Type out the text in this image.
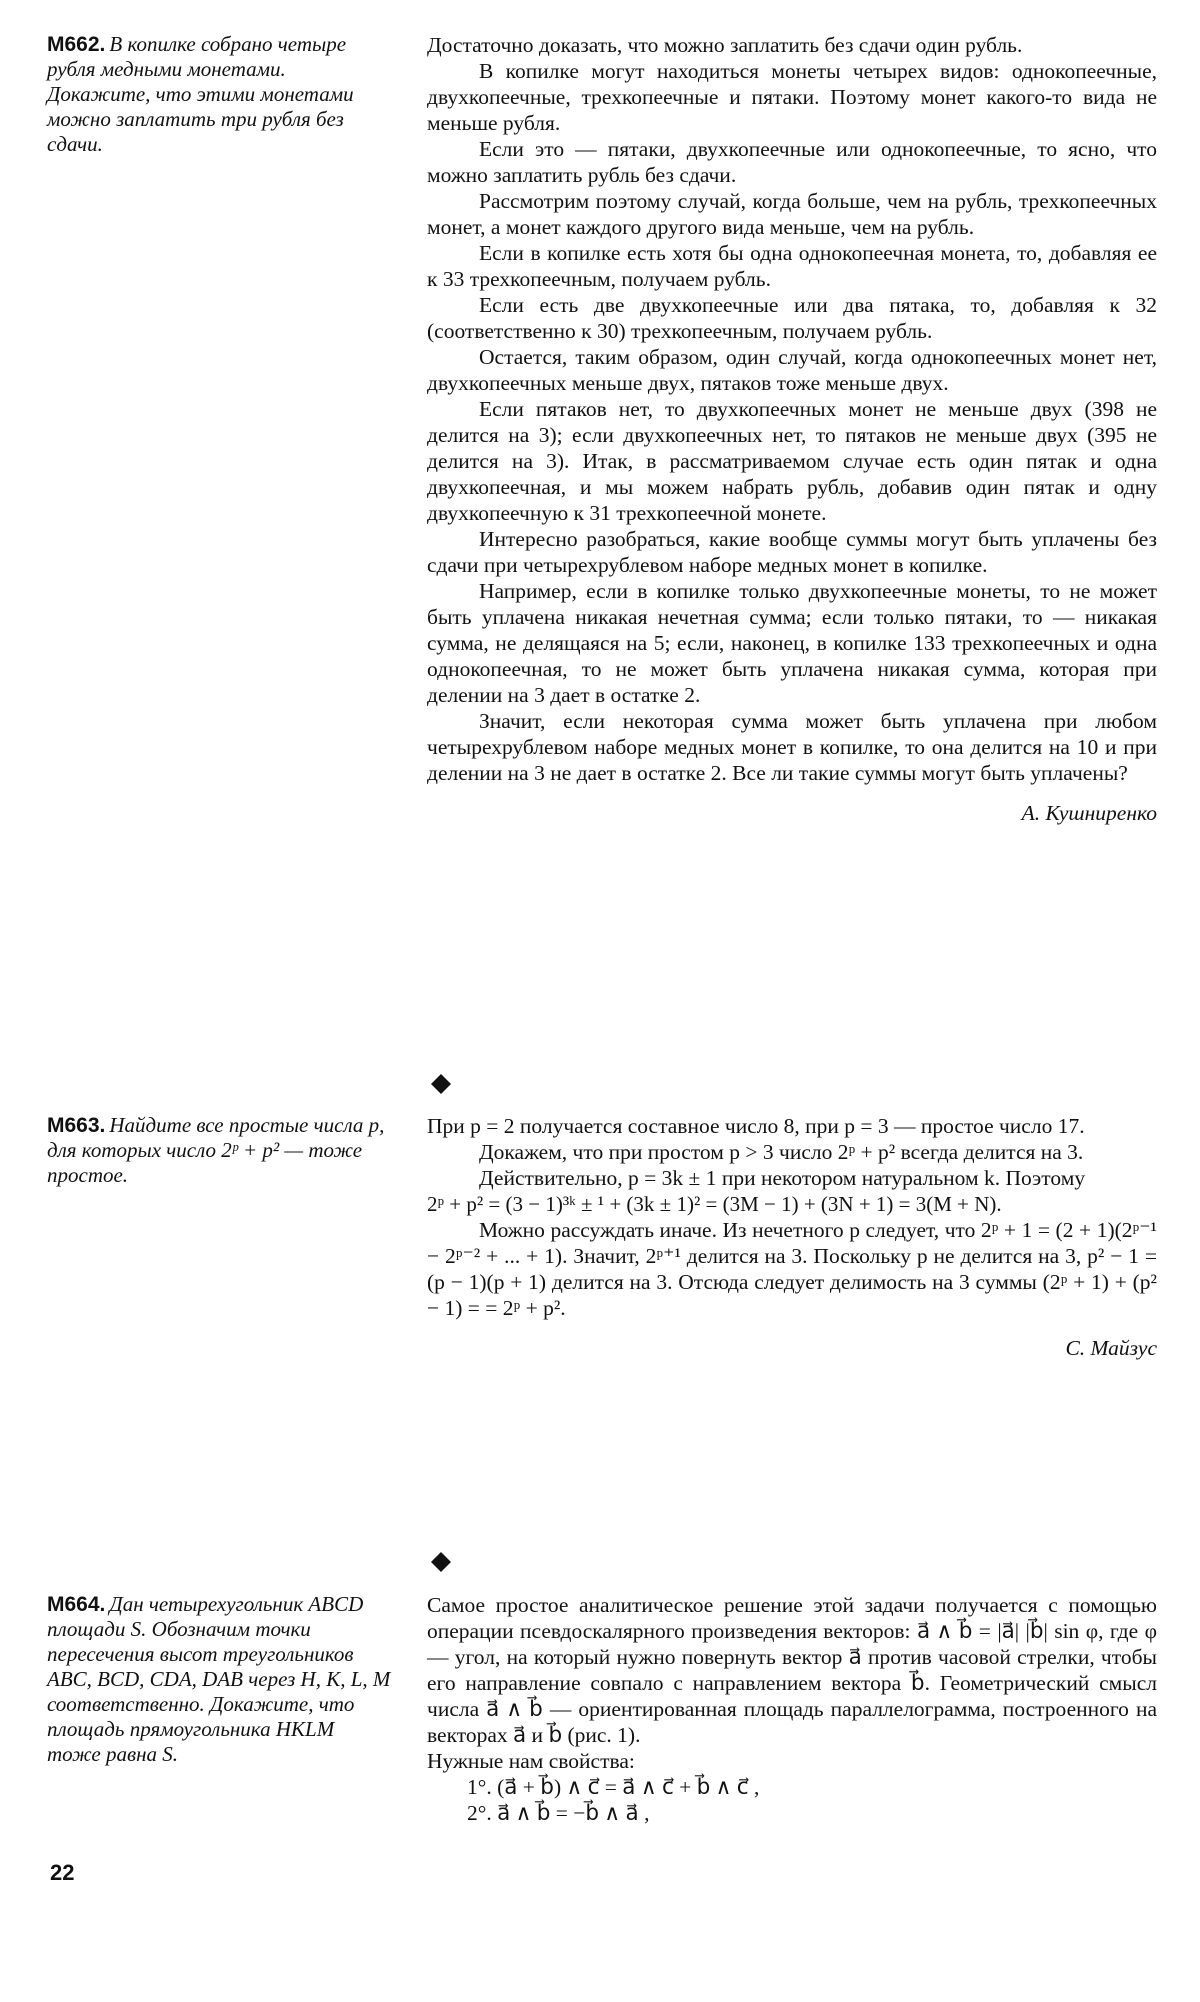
М662. В копилке собрано четыре рубля медными монетами. Докажите, что этими монетами можно заплатить три рубля без сдачи.

Достаточно доказать, что можно заплатить без сдачи один рубль.

В копилке могут находиться монеты четырех видов: однокопеечные, двухкопеечные, трехкопеечные и пятаки. Поэтому монет какого-то вида не меньше рубля.

Если это — пятаки, двухкопеечные или однокопеечные, то ясно, что можно заплатить рубль без сдачи.

Рассмотрим поэтому случай, когда больше, чем на рубль, трехкопеечных монет, а монет каждого другого вида меньше, чем на рубль.

Если в копилке есть хотя бы одна однокопеечная монета, то, добавляя ее к 33 трехкопеечным, получаем рубль.

Если есть две двухкопеечные или два пятака, то, добавляя к 32 (соответственно к 30) трехкопеечным, получаем рубль.

Остается, таким образом, один случай, когда однокопеечных монет нет, двухкопеечных меньше двух, пятаков тоже меньше двух.

Если пятаков нет, то двухкопеечных монет не меньше двух (398 не делится на 3); если двухкопеечных нет, то пятаков не меньше двух (395 не делится на 3). Итак, в рассматриваемом случае есть один пятак и одна двухкопеечная, и мы можем набрать рубль, добавив один пятак и одну двухкопеечную к 31 трехкопеечной монете.

Интересно разобраться, какие вообще суммы могут быть уплачены без сдачи при четырехрублевом наборе медных монет в копилке.

Например, если в копилке только двухкопеечные монеты, то не может быть уплачена никакая нечетная сумма; если только пятаки, то — никакая сумма, не делящаяся на 5; если, наконец, в копилке 133 трехкопеечных и одна однокопеечная, то не может быть уплачена никакая сумма, которая при делении на 3 дает в остатке 2.

Значит, если некоторая сумма может быть уплачена при любом четырехрублевом наборе медных монет в копилке, то она делится на 10 и при делении на 3 не дает в остатке 2. Все ли такие суммы могут быть уплачены?

А. Кушниренко
М663. Найдите все простые числа p, для которых число 2ᵖ + p² — тоже простое.

При p = 2 получается составное число 8, при p = 3 — простое число 17.

Докажем, что при простом p > 3 число 2ᵖ + p² всегда делится на 3.

Действительно, p = 3k ± 1 при некотором натуральном k. Поэтому

2ᵖ + p² = (3 − 1)³ᵏ ± ¹ + (3k ± 1)² = (3M − 1) + (3N + 1) = 3(M + N).

Можно рассуждать иначе. Из нечетного p следует, что 2ᵖ + 1 = (2 + 1)(2ᵖ⁻¹ − 2ᵖ⁻² + ... + 1). Значит, 2ᵖ⁺¹ делится на 3. Поскольку p не делится на 3, p² − 1 = (p − 1)(p + 1) делится на 3. Отсюда следует делимость на 3 суммы (2ᵖ + 1) + (p² − 1) = = 2ᵖ + p².

С. Майзус
М664. Дан четырехугольник ABCD площади S. Обозначим точки пересечения высот треугольников ABC, BCD, CDA, DAB через H, K, L, M соответственно. Докажите, что площадь прямоугольника HKLM тоже равна S.

Самое простое аналитическое решение этой задачи получается с помощью операции псевдоскалярного произведения векторов: a⃗ ∧ b⃗ = |a⃗| |b⃗| sin φ, где φ — угол, на который нужно повернуть вектор a⃗ против часовой стрелки, чтобы его направление совпало с направлением вектора b⃗. Геометрический смысл числа a⃗ ∧ b⃗ — ориентированная площадь параллелограмма, построенного на векторах a⃗ и b⃗ (рис. 1).

Нужные нам свойства:

1°. (a⃗ + b⃗) ∧ c⃗ = a⃗ ∧ c⃗ + b⃗ ∧ c⃗ ,

2°. a⃗ ∧ b⃗ = −b⃗ ∧ a⃗ ,

22
